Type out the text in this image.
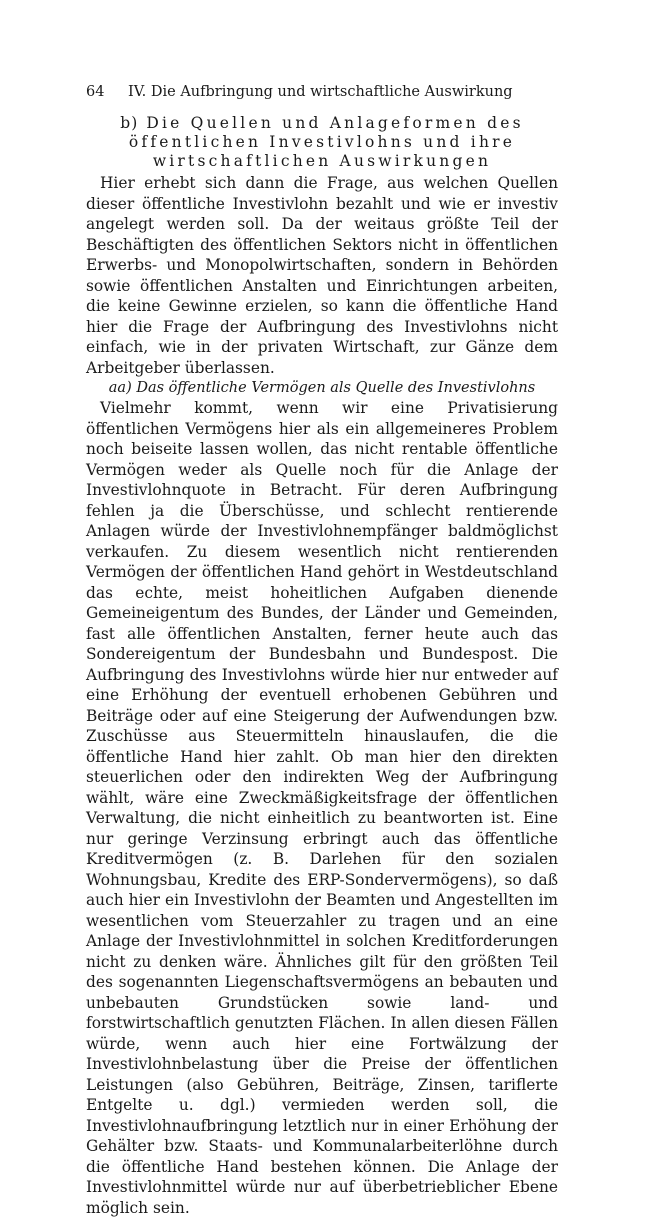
64	IV. Die Aufbringung und wirtschaftliche Auswirkung
b) Die Quellen und Anlageformen des öffentlichen Investivlohns und ihre wirtschaftlichen Auswirkungen

Hier erhebt sich dann die Frage, aus welchen Quellen dieser öffentliche Investivlohn bezahlt und wie er investiv angelegt werden soll. Da der weitaus größte Teil der Beschäftigten des öffentlichen Sektors nicht in öffentlichen Erwerbs- und Monopolwirtschaften, sondern in Behörden sowie öffentlichen Anstalten und Einrichtungen arbeiten, die keine Gewinne erzielen, so kann die öffentliche Hand hier die Frage der Aufbringung des Investivlohns nicht einfach, wie in der privaten Wirtschaft, zur Gänze dem Arbeitgeber überlassen.

aa) Das öffentliche Vermögen als Quelle des Investivlohns

Vielmehr kommt, wenn wir eine Privatisierung öffentlichen Vermögens hier als ein allgemeineres Problem noch beiseite lassen wollen, das nicht rentable öffentliche Vermögen weder als Quelle noch für die Anlage der Investivlohnquote in Betracht. Für deren Aufbringung fehlen ja die Überschüsse, und schlecht rentierende Anlagen würde der Investivlohnempfänger baldmöglichst verkaufen. Zu diesem wesentlich nicht rentierenden Vermögen der öffentlichen Hand gehört in Westdeutschland das echte, meist hoheitlichen Aufgaben dienende Gemeineigentum des Bundes, der Länder und Gemeinden, fast alle öffentlichen Anstalten, ferner heute auch das Sondereigentum der Bundesbahn und Bundespost. Die Aufbringung des Investivlohns würde hier nur entweder auf eine Erhöhung der eventuell erhobenen Gebühren und Beiträge oder auf eine Steigerung der Aufwendungen bzw. Zuschüsse aus Steuermitteln hinauslaufen, die die öffentliche Hand hier zahlt. Ob man hier den direkten steuerlichen oder den indirekten Weg der Aufbringung wählt, wäre eine Zweckmäßigkeitsfrage der öffentlichen Verwaltung, die nicht einheitlich zu beantworten ist. Eine nur geringe Verzinsung erbringt auch das öffentliche Kreditvermögen (z. B. Darlehen für den sozialen Wohnungsbau, Kredite des ERP-Sondervermögens), so daß auch hier ein Investivlohn der Beamten und Angestellten im wesentlichen vom Steuerzahler zu tragen und an eine Anlage der Investivlohnmittel in solchen Kreditforderungen nicht zu denken wäre. Ähnliches gilt für den größten Teil des sogenannten Liegenschaftsvermögens an bebauten und unbebauten Grundstücken sowie land- und forstwirtschaftlich genutzten Flächen. In allen diesen Fällen würde, wenn auch hier eine Fortwälzung der Investivlohnbelastung über die Preise der öffentlichen Leistungen (also Gebühren, Beiträge, Zinsen, tariflerte Entgelte u. dgl.) vermieden werden soll, die Investivlohnaufbringung letztlich nur in einer Erhöhung der Gehälter bzw. Staats- und Kommunalarbeiterlöhne durch die öffentliche Hand bestehen können. Die Anlage der Investivlohnmittel würde nur auf überbetrieblicher Ebene möglich sein.
